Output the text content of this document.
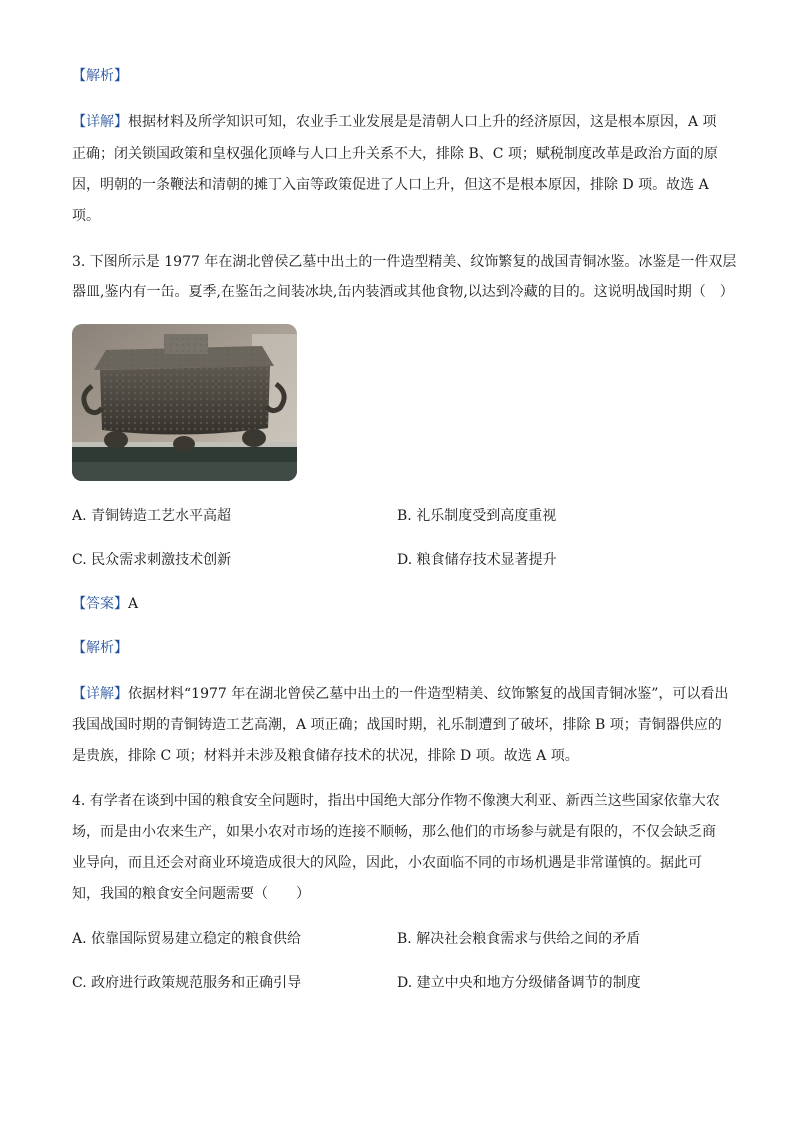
【解析】
【详解】根据材料及所学知识可知，农业手工业发展是是清朝人口上升的经济原因，这是根本原因，A 项
正确；闭关锁国政策和皇权强化顶峰与人口上升关系不大，排除 B、C 项；赋税制度改革是政治方面的原
因，明朝的一条鞭法和清朝的摊丁入亩等政策促进了人口上升，但这不是根本原因，排除 D 项。故选 A
项。
3. 下图所示是 1977 年在湖北曾侯乙墓中出土的一件造型精美、纹饰繁复的战国青铜冰鉴。冰鉴是一件双层
器皿,鉴内有一缶。夏季,在鉴缶之间装冰块,缶内装酒或其他食物,以达到冷藏的目的。这说明战国时期（　）
A. 青铜铸造工艺水平高超	B. 礼乐制度受到高度重视
C. 民众需求刺激技术创新	D. 粮食储存技术显著提升
【答案】A
【解析】
【详解】依据材料“1977 年在湖北曾侯乙墓中出土的一件造型精美、纹饰繁复的战国青铜冰鉴”，可以看出
我国战国时期的青铜铸造工艺高潮，A 项正确；战国时期，礼乐制遭到了破坏，排除 B 项；青铜器供应的
是贵族，排除 C 项；材料并未涉及粮食储存技术的状况，排除 D 项。故选 A 项。
4. 有学者在谈到中国的粮食安全问题时，指出中国绝大部分作物不像澳大利亚、新西兰这些国家依靠大农
场，而是由小农来生产，如果小农对市场的连接不顺畅，那么他们的市场参与就是有限的，不仅会缺乏商
业导向，而且还会对商业环境造成很大的风险，因此，小农面临不同的市场机遇是非常谨慎的。据此可
知，我国的粮食安全问题需要（　　）
A. 依靠国际贸易建立稳定的粮食供给	B. 解决社会粮食需求与供给之间的矛盾
C. 政府进行政策规范服务和正确引导	D. 建立中央和地方分级储备调节的制度
